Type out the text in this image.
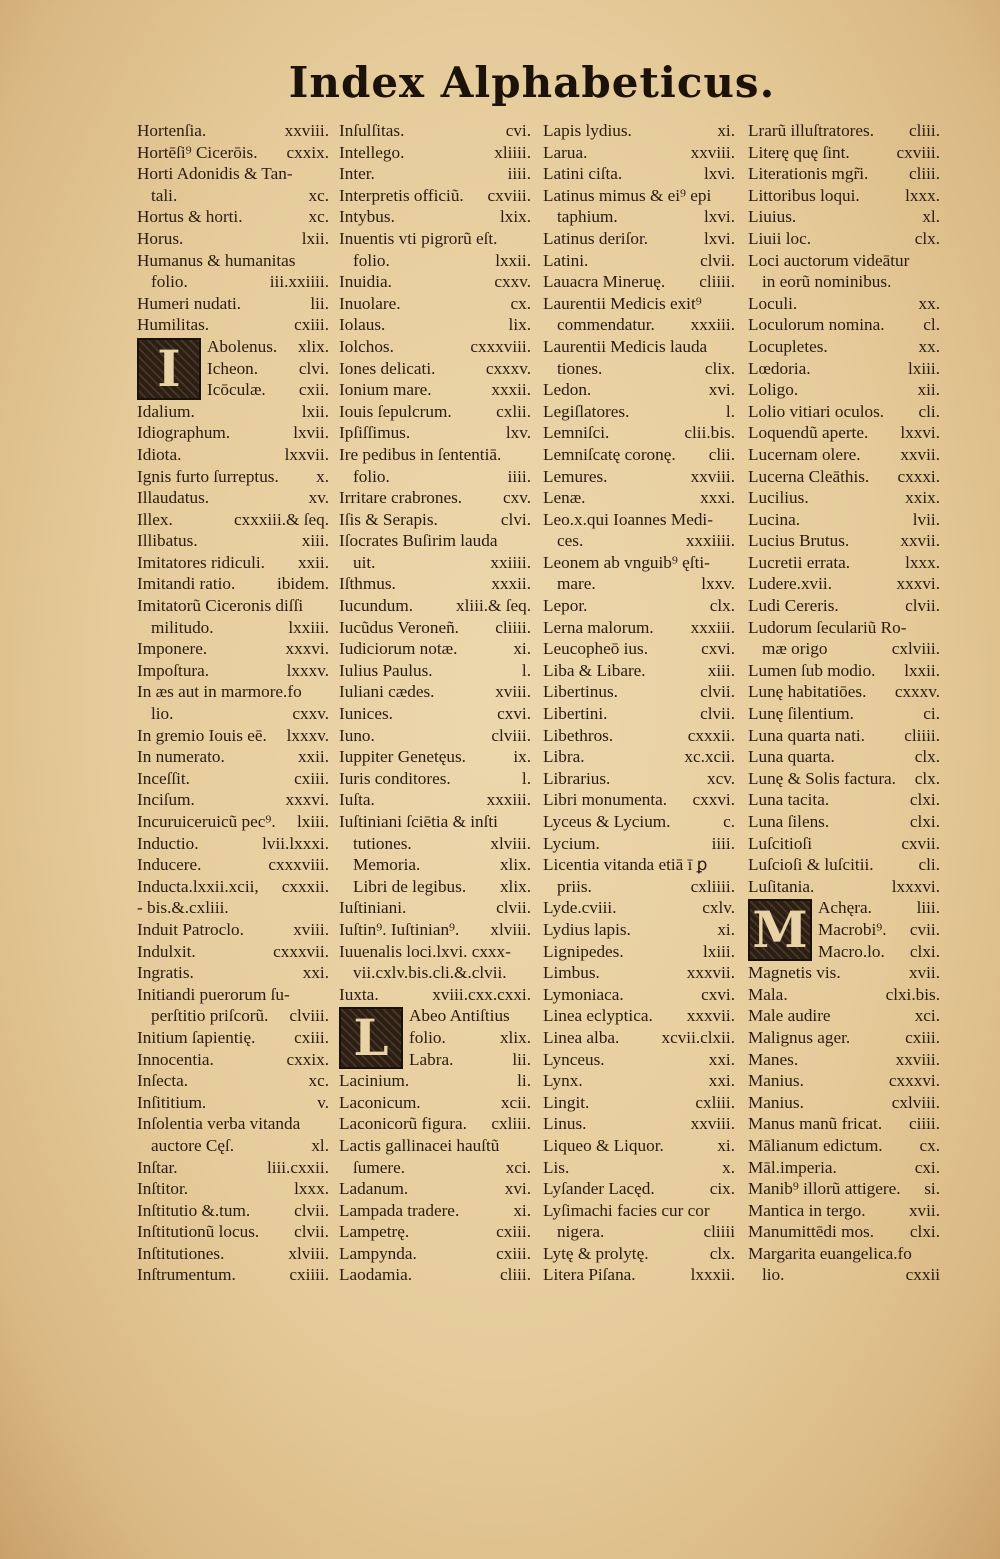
Index Alphabeticus.
Hortenſia.	xxviii.
Hortēſi⁹ Cicerōis. cxxix.
Horti Adonidis & Tan-
tali.	xc.
Hortus & horti.	xc.
Horus.	lxii.
Humanus & humanitas
folio.	iii.xxiiii.
Humeri nudati.	lii.
Humilitas.	cxiii.
I	Abolenus. xlix.
Icheon. clvi.
Icōculæ. cxii.
Idalium.	lxii.
Idiographum.	lxvii.
Idiota.	lxxvii.
Ignis furto ſurreptus. x.
Illaudatus.	xv.
Illex.	cxxxiii.& ſeq.
Illibatus.	xiii.
Imitatores ridiculi. xxii.
Imitandi ratio. ibidem.
Imitatorũ Ciceronis diſſi
militudo.	lxxiii.
Imponere.	xxxvi.
Impoſtura.	lxxxv.
In æs aut in marmore.fo
lio.	cxxv.
In gremio Iouis eē. lxxxv.
In numerato.	xxii.
Inceſſit.	cxiii.
Inciſum.	xxxvi.
Incuruiceruicũ pec⁹. lxiii.
Inductio.	lvii.lxxxi.
Inducere.	cxxxviii.
Inducta.lxxii.xcii, cxxxii.
- bis.&.cxliii.
Induit Patroclo.	xviii.
Indulxit.	cxxxvii.
Ingratis.	xxi.
Initiandi puerorum ſu-
perſtitio priſcorũ. clviii.
Initium ſapientię. cxiii.
Innocentia.	cxxix.
Inſecta.	xc.
Inſititium.	v.
Inſolentia verba vitanda
auctore Cęſ.	xl.
Inſtar.	liii.cxxii.
Inſtitor.	lxxx.
Inſtitutio &.tum.	clvii.
Inſtitutionũ locus. clvii.
Inſtitutiones.	xlviii.
Inſtrumentum.	cxiiii.
Inſulſitas.	cvi.
Intellego.	xliiii.
Inter.	iiii.
Interpretis officiũ. cxviii.
Intybus.	lxix.
Inuentis vti pigrorũ eſt.
folio.	lxxii.
Inuidia.	cxxv.
Inuolare.	cx.
Iolaus.	lix.
Iolchos.	cxxxviii.
Iones delicati.	cxxxv.
Ionium mare.	xxxii.
Iouis ſepulcrum.	cxlii.
Ipſiſſimus.	lxv.
Ire pedibus in ſententiā.
folio.	iiii.
Irritare crabrones. cxv.
Iſis & Serapis.	clvi.
Iſocrates Buſirim lauda
uit.	xxiiii.
Iſthmus.	xxxii.
Iucundum.	xliii.& ſeq.
Iucũdus Veroneñ. cliiii.
Iudiciorum notæ.	xi.
Iulius Paulus.	l.
Iuliani cædes.	xviii.
Iunices.	cxvi.
Iuno.	clviii.
Iuppiter Genetęus.	ix.
Iuris conditores.	l.
Iuſta.	xxxiii.
Iuſtiniani ſciētia & inſti
tutiones.	xlviii.
Memoria.	xlix.
Libri de legibus. xlix.
Iuſtiniani.	clvii.
Iuſtin⁹. Iuſtinian⁹. xlviii.
Iuuenalis loci.lxvi. cxxx-
vii.cxlv.bis.cli.&.clvii.
Iuxta.	xviii.cxx.cxxi.
L	Abeo Antiſtius
folio.	xlix.
Labra.	lii.
Lacinium.	li.
Laconicum.	xcii.
Laconicorũ figura. cxliii.
Lactis gallinacei hauſtũ
ſumere.	xci.
Ladanum.	xvi.
Lampada tradere.	xi.
Lampetrę.	cxiii.
Lampynda.	cxiii.
Laodamia.	cliii.
Lapis lydius.	xi.
Larua.	xxviii.
Latini ciſta.	lxvi.
Latinus mimus & ei⁹ epi
taphium.	lxvi.
Latinus deriſor.	lxvi.
Latini.	clvii.
Lauacra Mineruę. cliiii.
Laurentii Medicis exit⁹
commendatur. xxxiii.
Laurentii Medicis lauda
tiones.	clix.
Ledon.	xvi.
Legiſlatores.	l.
Lemniſci.	clii.bis.
Lemniſcatę coronę. clii.
Lemures.	xxviii.
Lenæ.	xxxi.
Leo.x.qui Ioannes Medi-
ces.	xxxiiii.
Leonem ab vnguib⁹ ęſti-
mare.	lxxv.
Lepor.	clx.
Lerna malorum. xxxiii.
Leucopheō ius.	cxvi.
Liba & Libare.	xiii.
Libertinus.	clvii.
Libertini.	clvii.
Libethros.	cxxxii.
Libra.	xc.xcii.
Librarius.	xcv.
Libri monumenta. cxxvi.
Lyceus & Lycium.	c.
Lycium.	iiii.
Licentia vitanda etiā ī ꝑ
priis.	cxliiii.
Lyde.cviii.	cxlv.
Lydius lapis.	xi.
Lignipedes.	lxiii.
Limbus.	xxxvii.
Lymoniaca.	cxvi.
Linea eclyptica. xxxvii.
Linea alba. xcvii.clxii.
Lynceus.	xxi.
Lynx.	xxi.
Lingit.	cxliii.
Linus.	xxviii.
Liqueo & Liquor.	xi.
Lis.	x.
Lyſander Lacęd.	cix.
Lyſimachi facies cur cor
nigera.	cliiii
Lytę & prolytę.	clx.
Litera Piſana.	lxxxii.
Lrarũ illuſtratores. cliii.
Literę quę ſint.	cxviii.
Literationis mgr̃i. cliii.
Littoribus loqui.	lxxx.
Liuius.	xl.
Liuii loc.	clx.
Loci auctorum videātur
in eorũ nominibus.
Loculi.	xx.
Loculorum nomina. cl.
Locupletes.	xx.
Lœdoria.	lxiii.
Loligo.	xii.
Lolio vitiari oculos. cli.
Loquendũ aperte. lxxvi.
Lucernam olere. xxvii.
Lucerna Cleāthis. cxxxi.
Lucilius.	xxix.
Lucina.	lvii.
Lucius Brutus.	xxvii.
Lucretii errata.	lxxx.
Ludere.xvii.	xxxvi.
Ludi Cereris.	clvii.
Ludorum ſeculariũ Ro-
mæ origo	cxlviii.
Lumen ſub modio. lxxii.
Lunę habitatiōes. cxxxv.
Lunę ſilentium.	ci.
Luna quarta nati. cliiii.
Luna quarta.	clx.
Lunę & Solis factura. clx.
Luna tacita.	clxi.
Luna ſilens.	clxi.
Luſcitioſi	cxvii.
Luſcioſi & luſcitii.	cli.
Luſitania.	lxxxvi.
M Achęra.	liii.
Macrobi⁹. cvii.
Macro.lo. clxi.
Magnetis vis.	xvii.
Mala.	clxi.bis.
Male audire	xci.
Malignus ager.	cxiii.
Manes.	xxviii.
Manius.	cxxxvi.
Manius.	cxlviii.
Manus manũ fricat. ciiii.
Mālianum edictum. cx.
Māl.imperia.	cxi.
Manib⁹ illorũ attigere. si.
Mantica in tergo.	xvii.
Manumittēdi mos. clxi.
Margarita euangelica.fo
lio.	cxxii
